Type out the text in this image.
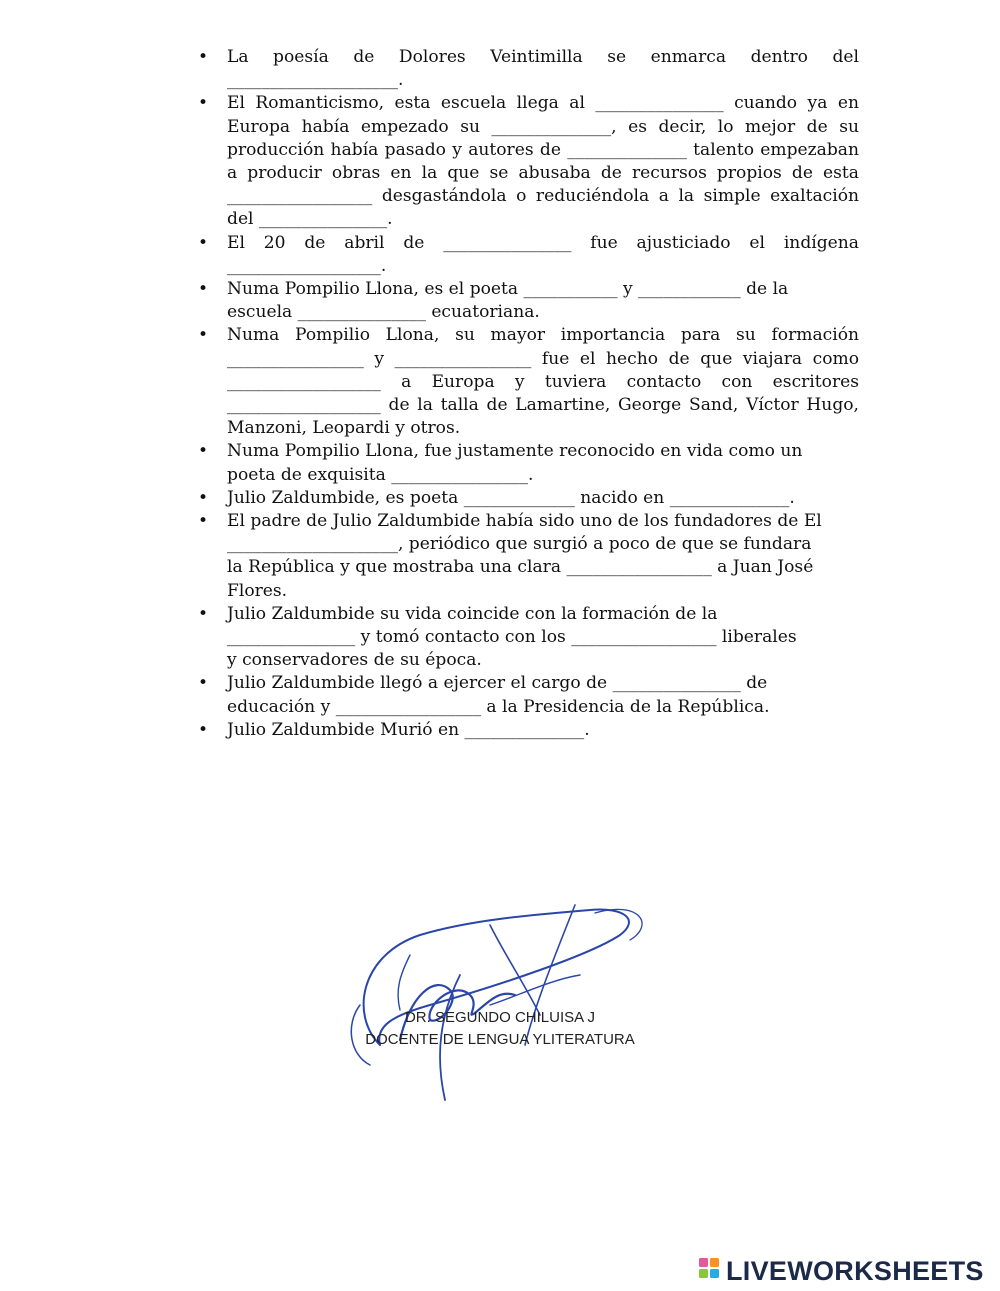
• La poesía de Dolores Veintimilla se enmarca dentro del ____________________.
• El Romanticismo, esta escuela llega al _______________ cuando ya en Europa había empezado su ______________, es decir, lo mejor de su producción había pasado y autores de ______________ talento empezaban a producir obras en la que se abusaba de recursos propios de esta _________________ desgastándola o reduciéndola a la simple exaltación del _______________.
• El 20 de abril de _______________ fue ajusticiado el indígena __________________.
• Numa Pompilio Llona, es el poeta ___________ y ____________ de la
escuela _______________ ecuatoriana.
• Numa Pompilio Llona, su mayor importancia para su formación ________________ y ________________ fue el hecho de que viajara como __________________ a Europa y tuviera contacto con escritores __________________ de la talla de Lamartine, George Sand, Víctor Hugo, Manzoni, Leopardi y otros.
• Numa Pompilio Llona, fue justamente reconocido en vida como un
poeta de exquisita ________________.
• Julio Zaldumbide, es poeta _____________ nacido en ______________.
• El padre de Julio Zaldumbide había sido uno de los fundadores de El
____________________, periódico que surgió a poco de que se fundara
la República y que mostraba una clara _________________ a Juan José
Flores.
• Julio Zaldumbide su vida coincide con la formación de la
_______________ y tomó contacto con los _________________ liberales
y conservadores de su época.
• Julio Zaldumbide llegó a ejercer el cargo de _______________ de
educación y _________________ a la Presidencia de la República.
• Julio Zaldumbide Murió en ______________.
DR. SEGUNDO CHILUISA J
DOCENTE DE LENGUA YLITERATURA
LIVEWORKSHEETS
